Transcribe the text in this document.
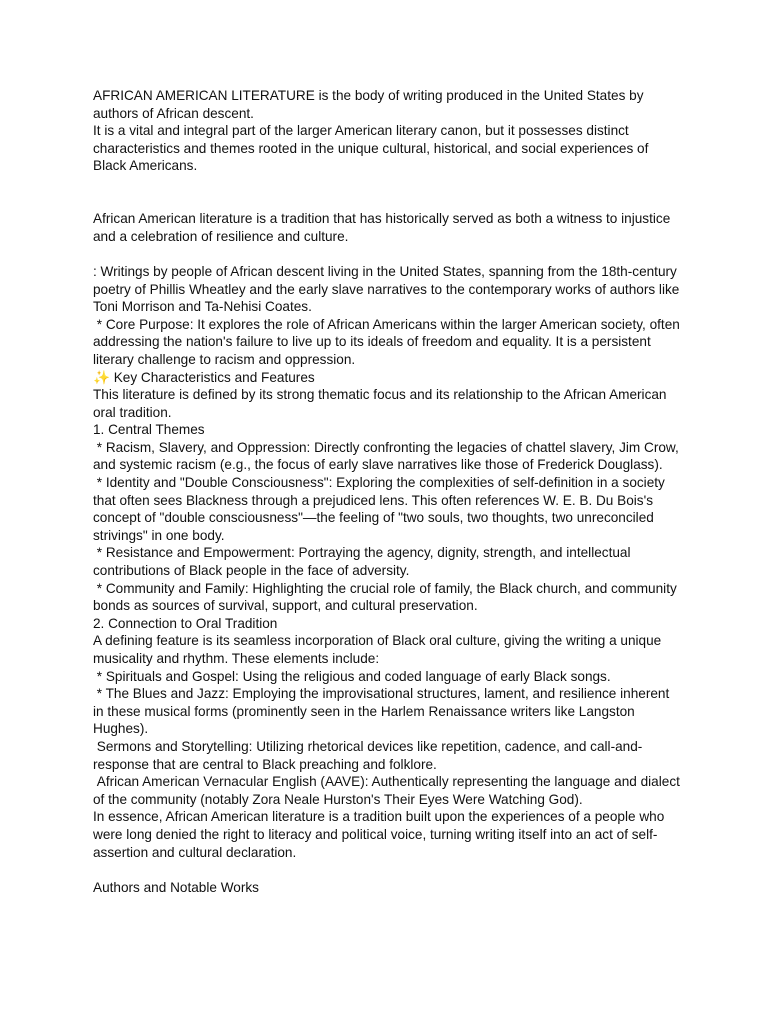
AFRICAN AMERICAN LITERATURE is the body of writing produced in the United States by authors of African descent.

It is a vital and integral part of the larger American literary canon, but it possesses distinct characteristics and themes rooted in the unique cultural, historical, and social experiences of Black Americans.

African American literature is a tradition that has historically served as both a witness to injustice and a celebration of resilience and culture.

: Writings by people of African descent living in the United States, spanning from the 18th-century poetry of Phillis Wheatley and the early slave narratives to the contemporary works of authors like Toni Morrison and Ta-Nehisi Coates.

* Core Purpose: It explores the role of African Americans within the larger American society, often addressing the nation's failure to live up to its ideals of freedom and equality. It is a persistent literary challenge to racism and oppression.

✨ Key Characteristics and Features

This literature is defined by its strong thematic focus and its relationship to the African American oral tradition.

1. Central Themes

* Racism, Slavery, and Oppression: Directly confronting the legacies of chattel slavery, Jim Crow, and systemic racism (e.g., the focus of early slave narratives like those of Frederick Douglass).

* Identity and "Double Consciousness": Exploring the complexities of self-definition in a society that often sees Blackness through a prejudiced lens. This often references W. E. B. Du Bois's concept of "double consciousness"—the feeling of "two souls, two thoughts, two unreconciled strivings" in one body.

* Resistance and Empowerment: Portraying the agency, dignity, strength, and intellectual contributions of Black people in the face of adversity.

* Community and Family: Highlighting the crucial role of family, the Black church, and community bonds as sources of survival, support, and cultural preservation.

2. Connection to Oral Tradition

A defining feature is its seamless incorporation of Black oral culture, giving the writing a unique musicality and rhythm. These elements include:

* Spirituals and Gospel: Using the religious and coded language of early Black songs.

* The Blues and Jazz: Employing the improvisational structures, lament, and resilience inherent in these musical forms (prominently seen in the Harlem Renaissance writers like Langston Hughes).

Sermons and Storytelling: Utilizing rhetorical devices like repetition, cadence, and call-and-response that are central to Black preaching and folklore.

African American Vernacular English (AAVE): Authentically representing the language and dialect of the community (notably Zora Neale Hurston's Their Eyes Were Watching God).

In essence, African American literature is a tradition built upon the experiences of a people who were long denied the right to literacy and political voice, turning writing itself into an act of self-assertion and cultural declaration.

Authors and Notable Works
